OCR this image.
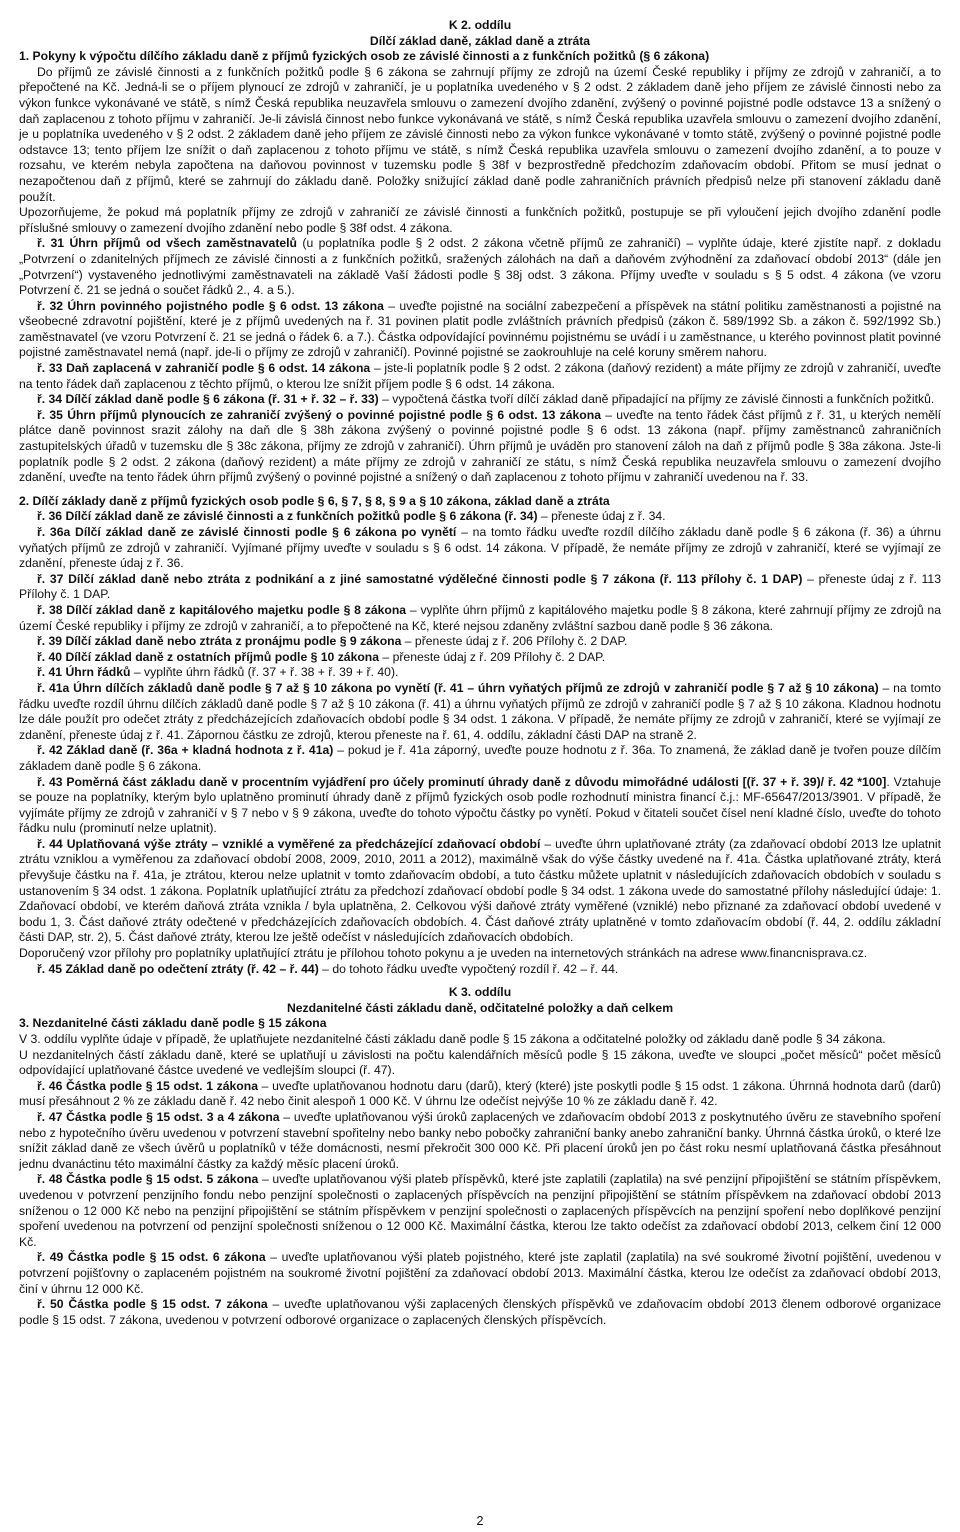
K 2. oddílu
Dílčí základ daně, základ daně a ztráta
1. Pokyny k výpočtu dílčího základu daně z příjmů fyzických osob ze závislé činnosti a z funkčních požitků (§ 6 zákona)

Do příjmů ze závislé činnosti a z funkčních požitků podle § 6 zákona se zahrnují příjmy ze zdrojů na území České republiky i příjmy ze zdrojů v zahraničí, a to přepočtené na Kč. Jedná-li se o příjem plynoucí ze zdrojů v zahraničí, je u poplatníka uvedeného v § 2 odst. 2 základem daně jeho příjem ze závislé činnosti nebo za výkon funkce vykonávané ve státě, s nímž Česká republika neuzavřela smlouvu o zamezení dvojího zdanění, zvýšený o povinné pojistné podle odstavce 13 a snížený o daň zaplacenou z tohoto příjmu v zahraničí. Je-li závislá činnost nebo funkce vykonávaná ve státě, s nímž Česká republika uzavřela smlouvu o zamezení dvojího zdanění, je u poplatníka uvedeného v § 2 odst. 2 základem daně jeho příjem ze závislé činnosti nebo za výkon funkce vykonávané v tomto státě, zvýšený o povinné pojistné podle odstavce 13; tento příjem lze snížit o daň zaplacenou z tohoto příjmu ve státě, s nímž Česká republika uzavřela smlouvu o zamezení dvojího zdanění, a to pouze v rozsahu, ve kterém nebyla započtena na daňovou povinnost v tuzemsku podle § 38f v bezprostředně předchozím zdaňovacím období. Přitom se musí jednat o nezapočtenou daň z příjmů, které se zahrnují do základu daně. Položky snižující základ daně podle zahraničních právních předpisů nelze při stanovení základu daně použít.

Upozorňujeme, že pokud má poplatník příjmy ze zdrojů v zahraničí ze závislé činnosti a funkčních požitků, postupuje se při vyloučení jejich dvojího zdanění podle příslušné smlouvy o zamezení dvojího zdanění nebo podle § 38f odst. 4 zákona.

ř. 31 Úhrn příjmů od všech zaměstnavatelů (u poplatníka podle § 2 odst. 2 zákona včetně příjmů ze zahraničí) – vyplňte údaje, které zjistíte např. z dokladu „Potvrzení o zdanitelných příjmech ze závislé činnosti a z funkčních požitků, sražených zálohách na daň a daňovém zvýhodnění za zdaňovací období 2013“ (dále jen „Potvrzení“) vystaveného jednotlivými zaměstnavateli na základě Vaší žádosti podle § 38j odst. 3 zákona. Příjmy uveďte v souladu s § 5 odst. 4 zákona (ve vzoru Potvrzení č. 21 se jedná o součet řádků 2., 4. a 5.).

ř. 32 Úhrn povinného pojistného podle § 6 odst. 13 zákona – uveďte pojistné na sociální zabezpečení a příspěvek na státní politiku zaměstnanosti a pojistné na všeobecné zdravotní pojištění, které je z příjmů uvedených na ř. 31 povinen platit podle zvláštních právních předpisů (zákon č. 589/1992 Sb. a zákon č. 592/1992 Sb.) zaměstnavatel (ve vzoru Potvrzení č. 21 se jedná o řádek 6. a 7.). Částka odpovídající povinnému pojistnému se uvádí i u zaměstnance, u kterého povinnost platit povinné pojistné zaměstnavatel nemá (např. jde-li o příjmy ze zdrojů v zahraničí). Povinné pojistné se zaokrouhluje na celé koruny směrem nahoru.

ř. 33 Daň zaplacená v zahraničí podle § 6 odst. 14 zákona – jste-li poplatník podle § 2 odst. 2 zákona (daňový rezident) a máte příjmy ze zdrojů v zahraničí, uveďte na tento řádek daň zaplacenou z těchto příjmů, o kterou lze snížit příjem podle § 6 odst. 14 zákona.

ř. 34 Dílčí základ daně podle § 6 zákona (ř. 31 + ř. 32 – ř. 33) – vypočtená částka tvoří dílčí základ daně připadající na příjmy ze závislé činnosti a funkčních požitků.

ř. 35 Úhrn příjmů plynoucích ze zahraničí zvýšený o povinné pojistné podle § 6 odst. 13 zákona – uveďte na tento řádek část příjmů z ř. 31, u kterých nemělí plátce daně povinnost srazit zálohy na daň dle § 38h zákona zvýšený o povinné pojistné podle § 6 odst. 13 zákona (např. příjmy zaměstnanců zahraničních zastupitelských úřadů v tuzemsku dle § 38c zákona, příjmy ze zdrojů v zahraničí). Úhrn příjmů je uváděn pro stanovení záloh na daň z příjmů podle § 38a zákona. Jste-li poplatník podle § 2 odst. 2 zákona (daňový rezident) a máte příjmy ze zdrojů v zahraničí ze státu, s nímž Česká republika neuzavřela smlouvu o zamezení dvojího zdanění, uveďte na tento řádek úhrn příjmů zvýšený o povinné pojistné a snížený o daň zaplacenou z tohoto příjmu v zahraničí uvedenou na ř. 33.

2. Dílčí základy daně z příjmů fyzických osob podle § 6, § 7, § 8, § 9 a § 10 zákona, základ daně a ztráta

ř. 36 Dílčí základ daně ze závislé činnosti a z funkčních požitků podle § 6 zákona (ř. 34) – přeneste údaj z ř. 34.

ř. 36a Dílčí základ daně ze závislé činnosti podle § 6 zákona po vynětí – na tomto řádku uveďte rozdíl dílčího základu daně podle § 6 zákona (ř. 36) a úhrnu vyňatých příjmů ze zdrojů v zahraničí. Vyjímané příjmy uveďte v souladu s § 6 odst. 14 zákona. V případě, že nemáte příjmy ze zdrojů v zahraničí, které se vyjímají ze zdanění, přeneste údaj z ř. 36.

ř. 37 Dílčí základ daně nebo ztráta z podnikání a z jiné samostatné výdělečné činnosti podle § 7 zákona (ř. 113 přílohy č. 1 DAP) – přeneste údaj z ř. 113 Přílohy č. 1 DAP.

ř. 38 Dílčí základ daně z kapitálového majetku podle § 8 zákona – vyplňte úhrn příjmů z kapitálového majetku podle § 8 zákona, které zahrnují příjmy ze zdrojů na území České republiky i příjmy ze zdrojů v zahraničí, a to přepočtené na Kč, které nejsou zdaněny zvláštní sazbou daně podle § 36 zákona.

ř. 39 Dílčí základ daně nebo ztráta z pronájmu podle § 9 zákona – přeneste údaj z ř. 206 Přílohy č. 2 DAP.

ř. 40 Dílčí základ daně z ostatních příjmů podle § 10 zákona – přeneste údaj z ř. 209 Přílohy č. 2 DAP.

ř. 41 Úhrn řádků – vyplňte úhrn řádků (ř. 37 + ř. 38 + ř. 39 + ř. 40).

ř. 41a Úhrn dílčích základů daně podle § 7 až § 10 zákona po vynětí (ř. 41 – úhrn vyňatých příjmů ze zdrojů v zahraničí podle § 7 až § 10 zákona) – na tomto řádku uveďte rozdíl úhrnu dílčích základů daně podle § 7 až § 10 zákona (ř. 41) a úhrnu vyňatých příjmů ze zdrojů v zahraničí podle § 7 až § 10 zákona. Kladnou hodnotu lze dále použít pro odečet ztráty z předcházejících zdaňovacích období podle § 34 odst. 1 zákona. V případě, že nemáte příjmy ze zdrojů v zahraničí, které se vyjímají ze zdanění, přeneste údaj z ř. 41. Zápornou částku ze zdrojů, kterou přeneste na ř. 61, 4. oddílu, základní části DAP na straně 2.

ř. 42 Základ daně (ř. 36a + kladná hodnota z ř. 41a) – pokud je ř. 41a záporný, uveďte pouze hodnotu z ř. 36a. To znamená, že základ daně je tvořen pouze dílčím základem daně podle § 6 zákona.

ř. 43 Poměrná část základu daně v procentním vyjádření pro účely prominutí úhrady daně z důvodu mimořádné události [(ř. 37 + ř. 39)/ ř. 42 *100]. Vztahuje se pouze na poplatníky, kterým bylo uplatněno prominutí úhrady daně z příjmů fyzických osob podle rozhodnutí ministra financí č.j.: MF-65647/2013/3901. V případě, že vyjímáte příjmy ze zdrojů v zahraničí v § 7 nebo v § 9 zákona, uveďte do tohoto výpočtu částky po vynětí. Pokud v čitateli součet čísel není kladné číslo, uveďte do tohoto řádku nulu (prominutí nelze uplatnit).

ř. 44 Uplatňovaná výše ztráty – vzniklé a vyměřené za předcházející zdaňovací období – uveďte úhrn uplatňované ztráty (za zdaňovací období 2013 lze uplatnit ztrátu vzniklou a vyměřenou za zdaňovací období 2008, 2009, 2010, 2011 a 2012), maximálně však do výše částky uvedené na ř. 41a. Částka uplatňované ztráty, která převyšuje částku na ř. 41a, je ztrátou, kterou nelze uplatnit v tomto zdaňovacím období, a tuto částku můžete uplatnit v následujících zdaňovacích obdobích v souladu s ustanovením § 34 odst. 1 zákona. Poplatník uplatňující ztrátu za předchozí zdaňovací období podle § 34 odst. 1 zákona uvede do samostatné přílohy následující údaje: 1. Zdaňovací období, ve kterém daňová ztráta vznikla / byla uplatněna, 2. Celkovou výši daňové ztráty vyměřené (vzniklé) nebo přiznané za zdaňovací období uvedené v bodu 1, 3. Část daňové ztráty odečtené v předcházejících zdaňovacích obdobích. 4. Část daňové ztráty uplatněné v tomto zdaňovacím období (ř. 44, 2. oddílu základní části DAP, str. 2), 5. Část daňové ztráty, kterou lze ještě odečíst v následujících zdaňovacích obdobích.

Doporučený vzor přílohy pro poplatníky uplatňující ztrátu je přílohou tohoto pokynu a je uveden na internetových stránkách na adrese www.financnisprava.cz.

ř. 45 Základ daně po odečtení ztráty (ř. 42 – ř. 44) – do tohoto řádku uveďte vypočtený rozdíl ř. 42 – ř. 44.

K 3. oddílu
Nezdanitelné části základu daně, odčitatelné položky a daň celkem
3. Nezdanitelné části základu daně podle § 15 zákona

V 3. oddílu vyplňte údaje v případě, že uplatňujete nezdanitelné části základu daně podle § 15 zákona a odčitatelné položky od základu daně podle § 34 zákona.

U nezdanitelných částí základu daně, které se uplatňují u závislosti na počtu kalendářních měsíců podle § 15 zákona, uveďte ve sloupci „počet měsíců“ počet měsíců odpovídající uplatňované částce uvedené ve vedlejším sloupci (ř. 47).

ř. 46 Částka podle § 15 odst. 1 zákona – uveďte uplatňovanou hodnotu daru (darů), který (které) jste poskytli podle § 15 odst. 1 zákona. Úhrnná hodnota darů (darů) musí přesáhnout 2 % ze základu daně ř. 42 nebo činit alespoň 1 000 Kč. V úhrnu lze odečíst nejvýše 10 % ze základu daně ř. 42.

ř. 47 Částka podle § 15 odst. 3 a 4 zákona – uveďte uplatňovanou výši úroků zaplacených ve zdaňovacím období 2013 z poskytnutého úvěru ze stavebního spoření nebo z hypotečního úvěru uvedenou v potvrzení stavební spořitelny nebo banky nebo pobočky zahraniční banky anebo zahraniční banky. Úhrnná částka úroků, o které lze snížit základ daně ze všech úvěrů u poplatníků v téže domácnosti, nesmí překročit 300 000 Kč. Při placení úroků jen po část roku nesmí uplatňovaná částka přesáhnout jednu dvanáctinu této maximální částky za každý měsíc placení úroků.

ř. 48 Částka podle § 15 odst. 5 zákona – uveďte uplatňovanou výši plateb příspěvků, které jste zaplatili (zaplatila) na své penzijní připojištění se státním příspěvkem, uvedenou v potvrzení penzijního fondu nebo penzijní společnosti o zaplacených příspěvcích na penzijní připojištění se státním příspěvkem na zdaňovací období 2013 sníženou o 12 000 Kč nebo na penzijní připojištění se státním příspěvkem v penzijní společnosti o zaplacených příspěvcích na penzijní spoření nebo doplňkové penzijní spoření uvedenou na potvrzení od penzijní společnosti sníženou o 12 000 Kč. Maximální částka, kterou lze takto odečíst za zdaňovací období 2013, celkem činí 12 000 Kč.

ř. 49 Částka podle § 15 odst. 6 zákona – uveďte uplatňovanou výši plateb pojistného, které jste zaplatil (zaplatila) na své soukromé životní pojištění, uvedenou v potvrzení pojišťovny o zaplaceném pojistném na soukromé životní pojištění za zdaňovací období 2013. Maximální částka, kterou lze odečíst za zdaňovací období 2013, činí v úhrnu 12 000 Kč.

ř. 50 Částka podle § 15 odst. 7 zákona – uveďte uplatňovanou výši zaplacených členských příspěvků ve zdaňovacím období 2013 členem odborové organizace podle § 15 odst. 7 zákona, uvedenou v potvrzení odborové organizace o zaplacených členských příspěvcích.

2
